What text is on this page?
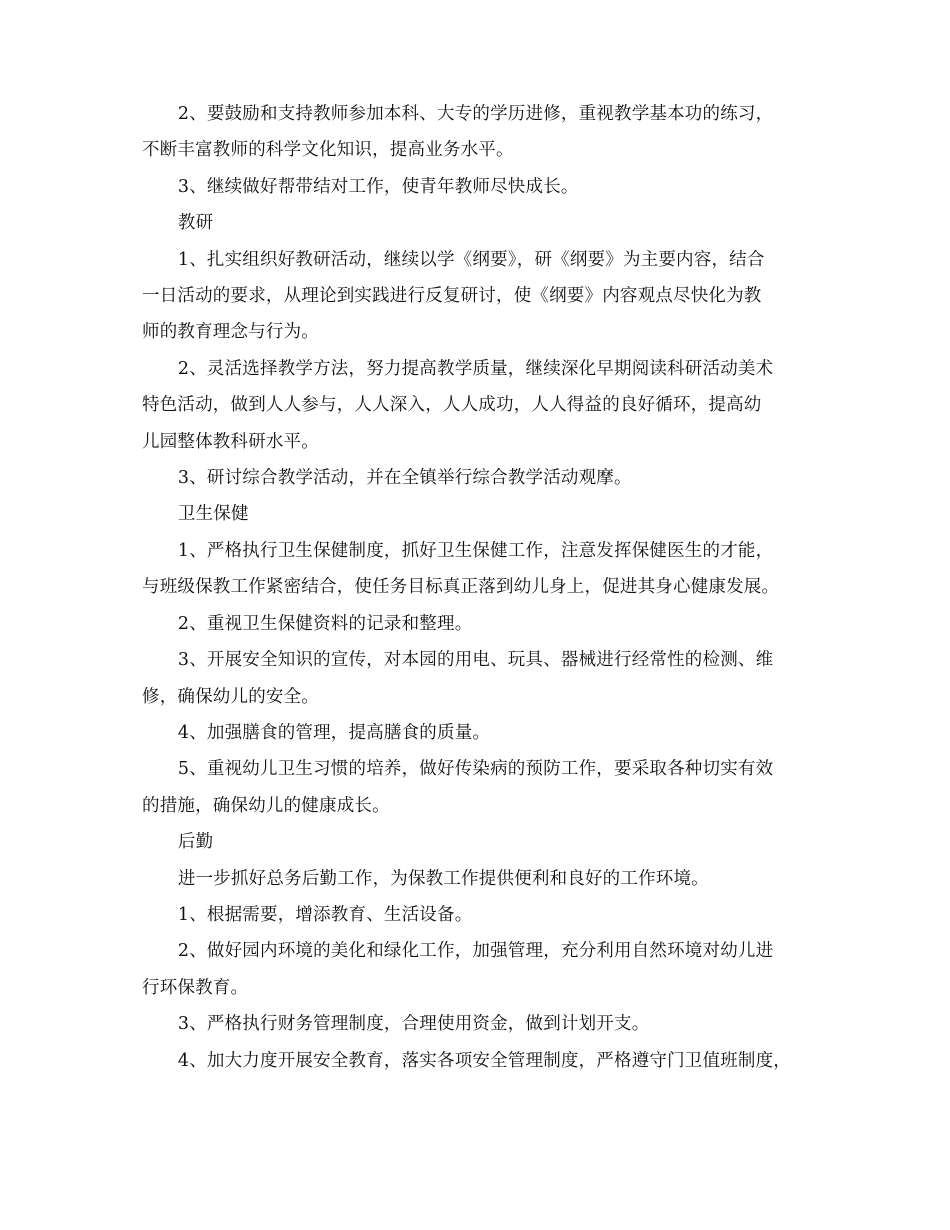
2、要鼓励和支持教师参加本科、大专的学历进修，重视教学基本功的练习，
不断丰富教师的科学文化知识，提高业务水平。

3、继续做好帮带结对工作，使青年教师尽快成长。

教研

1、扎实组织好教研活动，继续以学《纲要》，研《纲要》为主要内容，结合
一日活动的要求，从理论到实践进行反复研讨，使《纲要》内容观点尽快化为教
师的教育理念与行为。

2、灵活选择教学方法，努力提高教学质量，继续深化早期阅读科研活动美术
特色活动，做到人人参与，人人深入，人人成功，人人得益的良好循环，提高幼
儿园整体教科研水平。

3、研讨综合教学活动，并在全镇举行综合教学活动观摩。

卫生保健

1、严格执行卫生保健制度，抓好卫生保健工作，注意发挥保健医生的才能，
与班级保教工作紧密结合，使任务目标真正落到幼儿身上，促进其身心健康发展。

2、重视卫生保健资料的记录和整理。

3、开展安全知识的宣传，对本园的用电、玩具、器械进行经常性的检测、维
修，确保幼儿的安全。

4、加强膳食的管理，提高膳食的质量。

5、重视幼儿卫生习惯的培养，做好传染病的预防工作，要采取各种切实有效
的措施，确保幼儿的健康成长。

后勤

进一步抓好总务后勤工作，为保教工作提供便利和良好的工作环境。

1、根据需要，增添教育、生活设备。

2、做好园内环境的美化和绿化工作，加强管理，充分利用自然环境对幼儿进
行环保教育。

3、严格执行财务管理制度，合理使用资金，做到计划开支。

4、加大力度开展安全教育，落实各项安全管理制度，严格遵守门卫值班制度，
